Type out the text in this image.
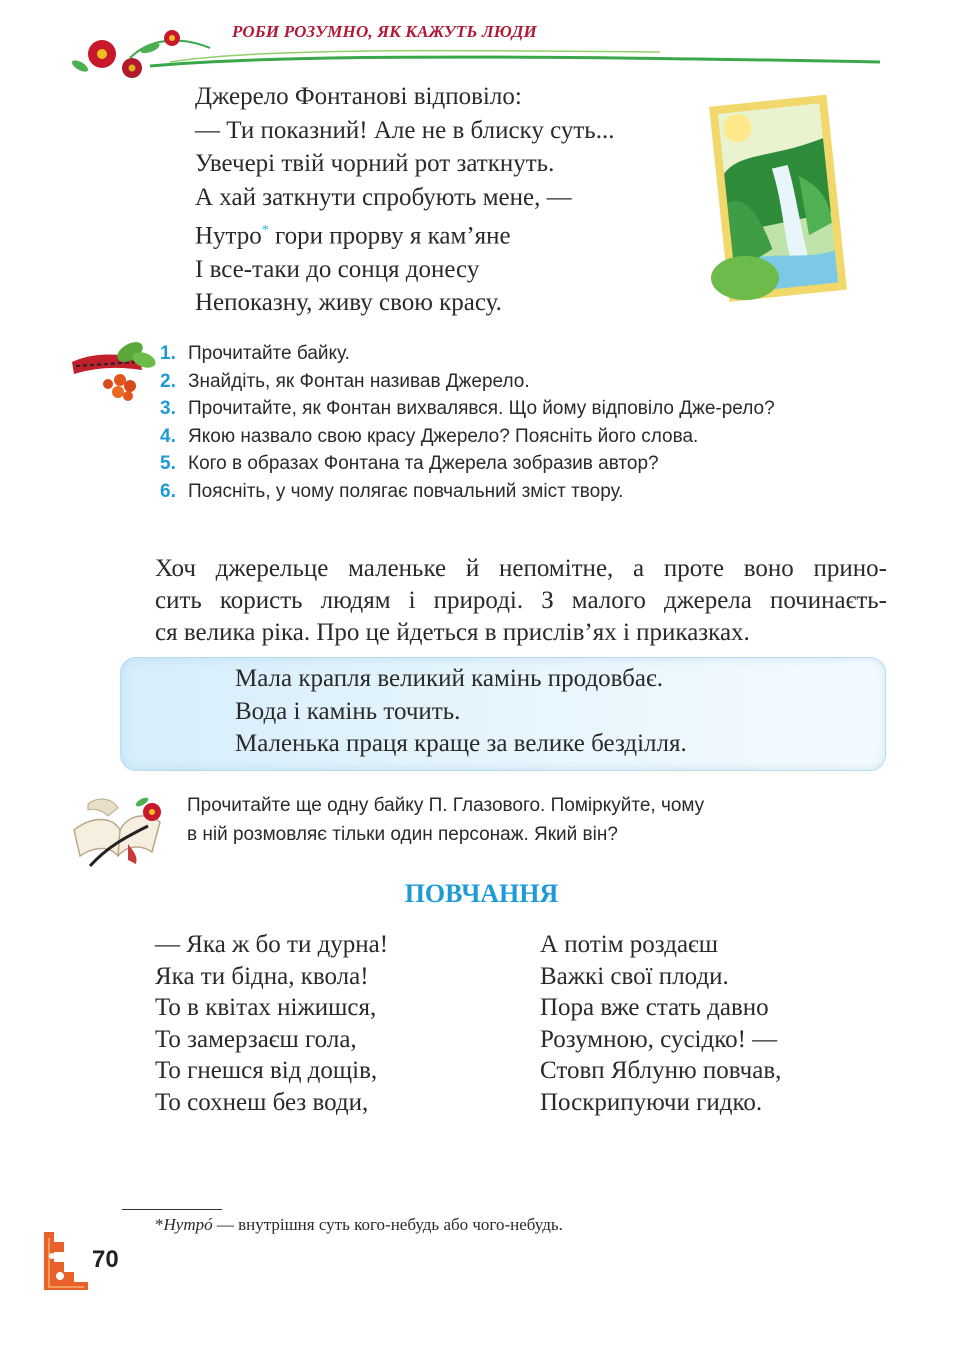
РОБИ РОЗУМНО, ЯК КАЖУТЬ ЛЮДИ
Джерело Фонтанові відповіло:
— Ти показний! Але не в блиску суть...
Увечері твій чорний рот заткнуть.
А хай заткнути спробують мене, —
Нутро* гори прорву я кам’яне
І все-таки до сонця донесу
Непоказну, живу свою красу.
1. Прочитайте байку.
2. Знайдіть, як Фонтан називав Джерело.
3. Прочитайте, як Фонтан вихвалявся. Що йому відповіло Дже-рело?
4. Якою назвало свою красу Джерело? Поясніть його слова.
5. Кого в образах Фонтана та Джерела зобразив автор?
6. Поясніть, у чому полягає повчальний зміст твору.
Хоч джерельце маленьке й непомітне, а проте воно прино-
сить користь людям і природі. З малого джерела починаєть-
ся велика ріка. Про це йдеться в прислів’ях і приказках.
Мала крапля великий камінь продовбає.
Вода і камінь точить.
Маленька праця краще за велике безділля.
Прочитайте ще одну байку П. Глазового. Поміркуйте, чому
в ній розмовляє тільки один персонаж. Який він?
ПОВЧАННЯ
— Яка ж бо ти дурна!
Яка ти бідна, квола!
То в квітах ніжишся,
То замерзаєш гола,
То гнешся від дощів,
То сохнеш без води,
А потім роздаєш
Важкі свої плоди.
Пора вже стать давно
Розумною, сусідко! —
Стовп Яблуню повчав,
Поскрипуючи гидко.
*Нутрó — внутрішня суть кого-небудь або чого-небудь.
70
